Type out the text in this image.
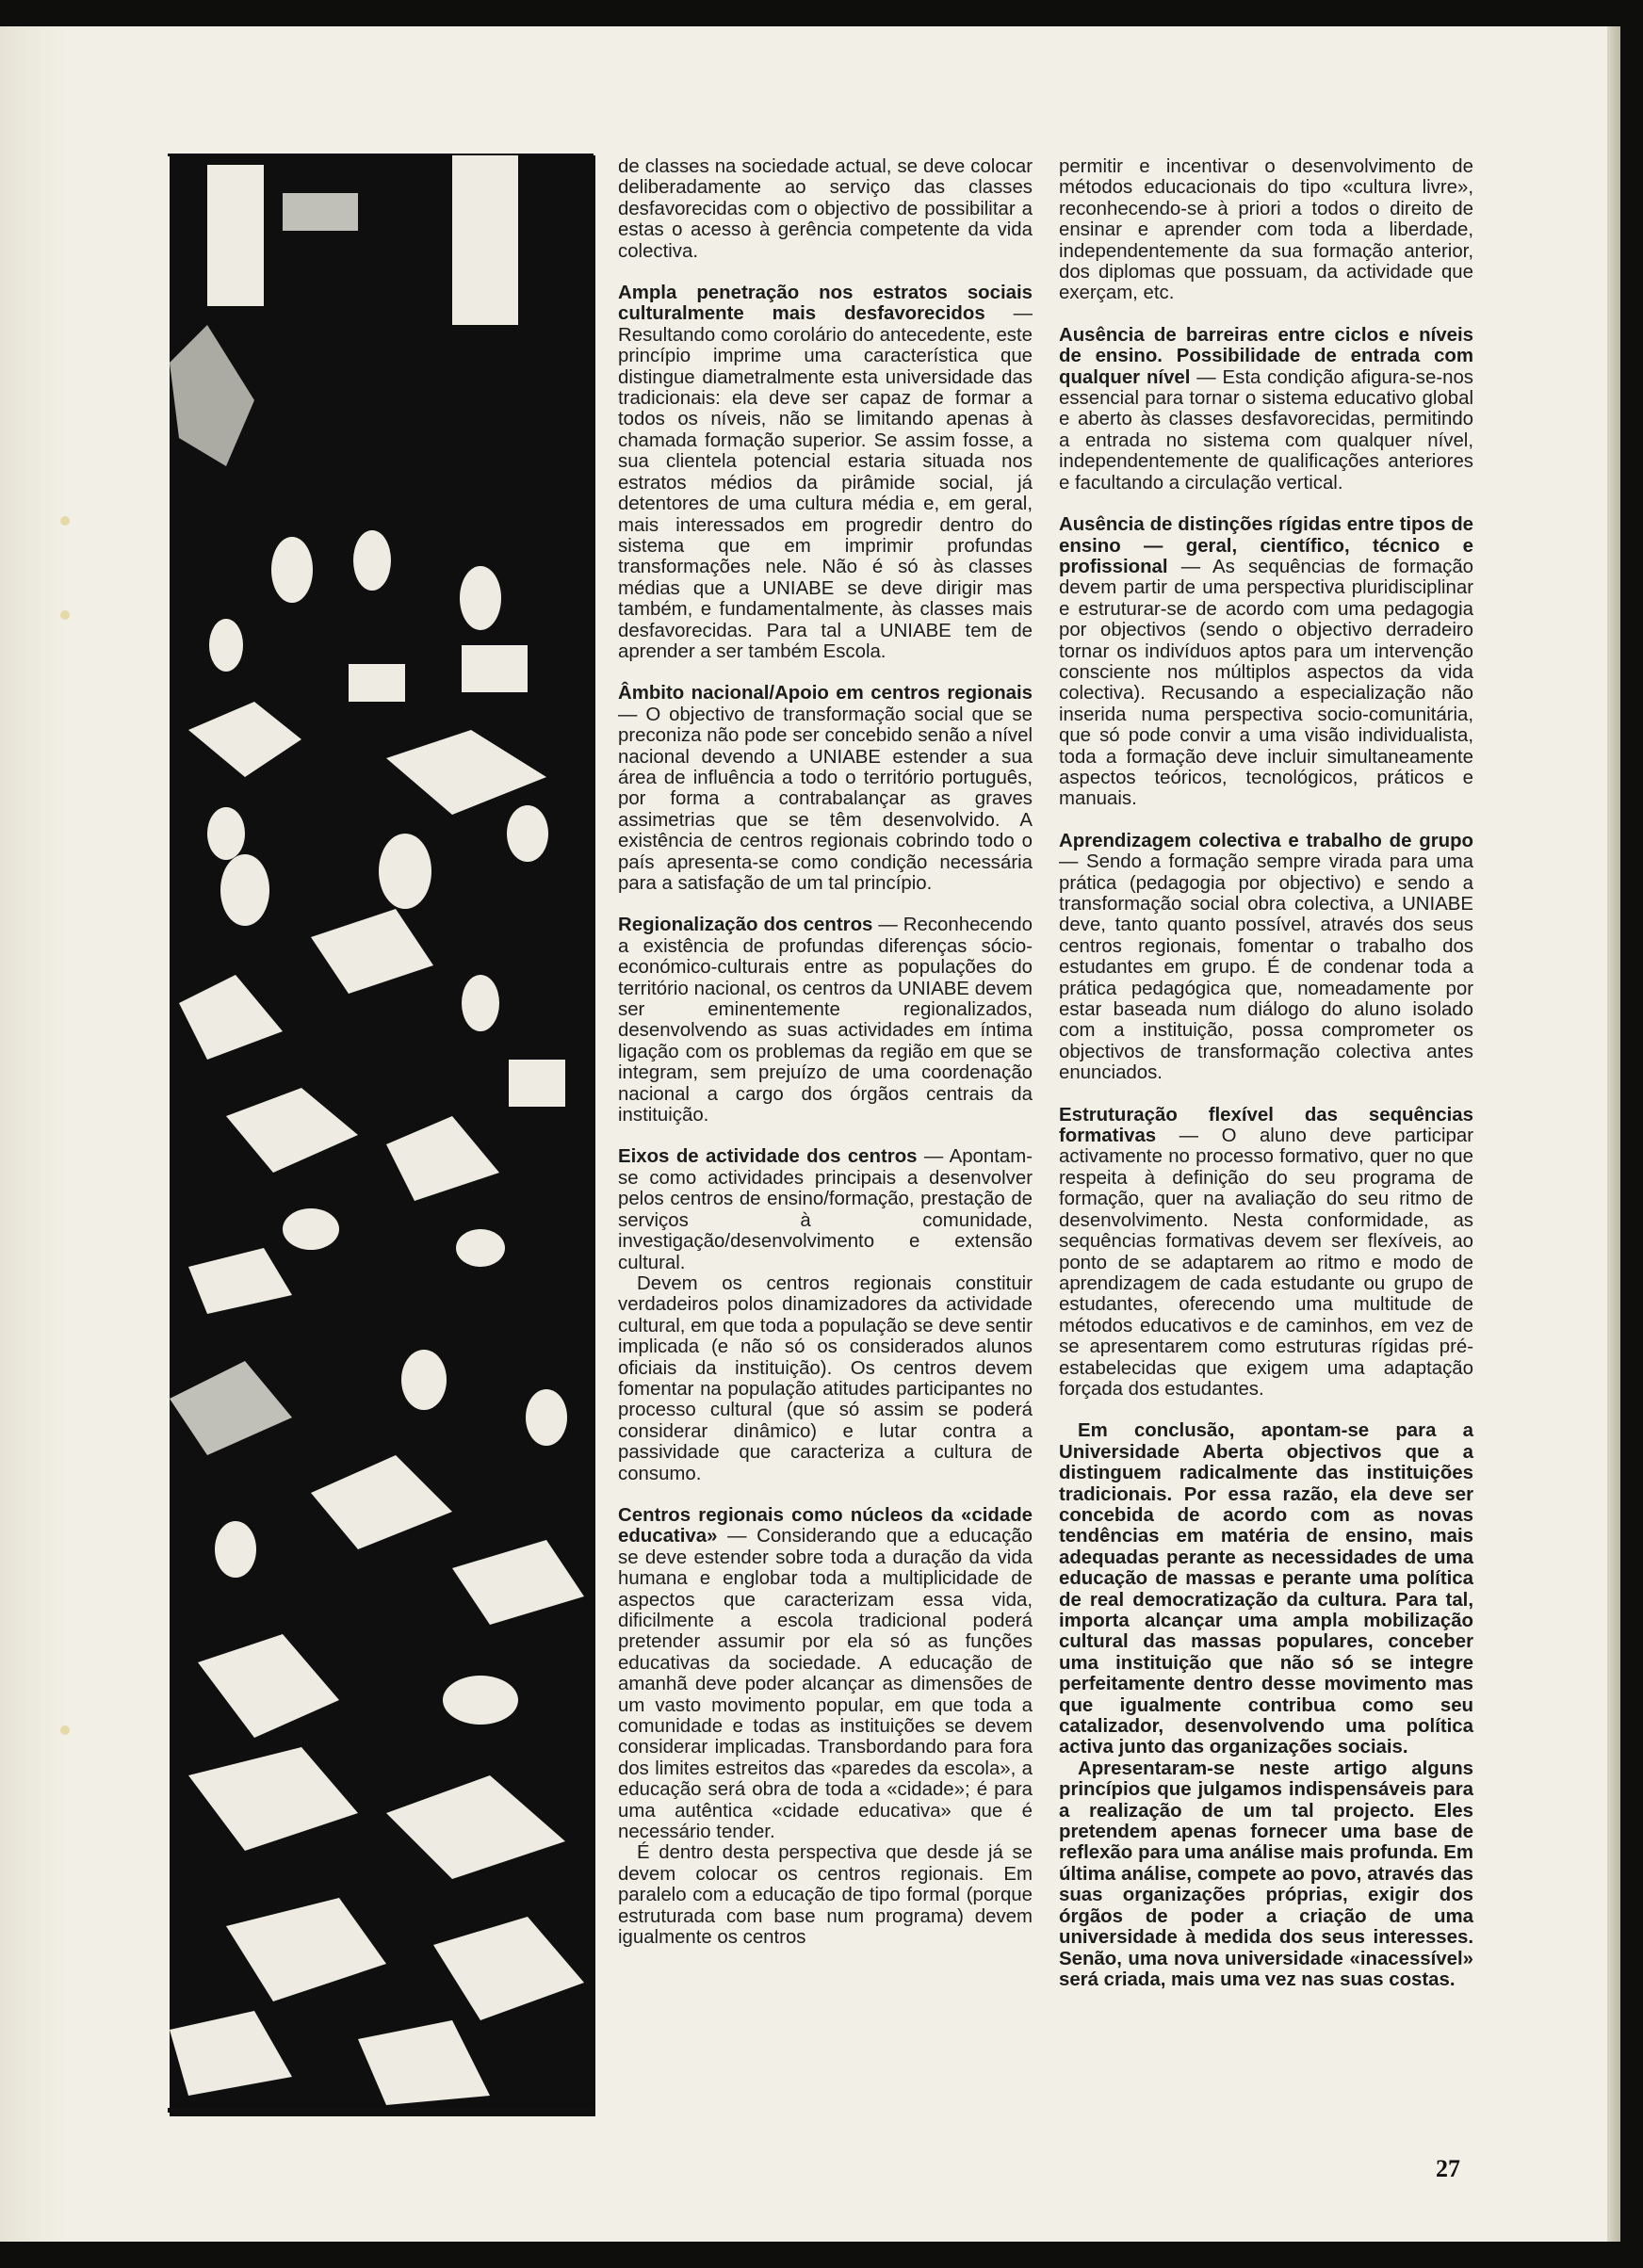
de classes na sociedade actual, se deve colocar deliberadamente ao serviço das classes desfavorecidas com o objectivo de possibilitar a estas o acesso à gerência competente da vida colectiva.

Ampla penetração nos estratos sociais culturalmente mais desfavorecidos — Resultando como corolário do antecedente, este princípio imprime uma característica que distingue diametralmente esta universidade das tradicionais: ela deve ser capaz de formar a todos os níveis, não se limitando apenas à chamada formação superior. Se assim fosse, a sua clientela potencial estaria situada nos estratos médios da pirâmide social, já detentores de uma cultura média e, em geral, mais interessados em progredir dentro do sistema que em imprimir profundas transformações nele. Não é só às classes médias que a UNIABE se deve dirigir mas também, e fundamentalmente, às classes mais desfavorecidas. Para tal a UNIABE tem de aprender a ser também Escola.

Âmbito nacional/Apoio em centros regionais — O objectivo de transformação social que se preconiza não pode ser concebido senão a nível nacional devendo a UNIABE estender a sua área de influência a todo o território português, por forma a contrabalançar as graves assimetrias que se têm desenvolvido. A existência de centros regionais cobrindo todo o país apresenta-se como condição necessária para a satisfação de um tal princípio.

Regionalização dos centros — Reconhecendo a existência de profundas diferenças sócio-económico-culturais entre as populações do território nacional, os centros da UNIABE devem ser eminentemente regionalizados, desenvolvendo as suas actividades em íntima ligação com os problemas da região em que se integram, sem prejuízo de uma coordenação nacional a cargo dos órgãos centrais da instituição.

Eixos de actividade dos centros — Apontam-se como actividades principais a desenvolver pelos centros de ensino/formação, prestação de serviços à comunidade, investigação/desenvolvimento e extensão cultural.

Devem os centros regionais constituir verdadeiros polos dinamizadores da actividade cultural, em que toda a população se deve sentir implicada (e não só os considerados alunos oficiais da instituição). Os centros devem fomentar na população atitudes participantes no processo cultural (que só assim se poderá considerar dinâmico) e lutar contra a passividade que caracteriza a cultura de consumo.

Centros regionais como núcleos da «cidade educativa» — Considerando que a educação se deve estender sobre toda a duração da vida humana e englobar toda a multiplicidade de aspectos que caracterizam essa vida, dificilmente a escola tradicional poderá pretender assumir por ela só as funções educativas da sociedade. A educação de amanhã deve poder alcançar as dimensões de um vasto movimento popular, em que toda a comunidade e todas as instituições se devem considerar implicadas. Transbordando para fora dos limites estreitos das «paredes da escola», a educação será obra de toda a «cidade»; é para uma autêntica «cidade educativa» que é necessário tender.

É dentro desta perspectiva que desde já se devem colocar os centros regionais. Em paralelo com a educação de tipo formal (porque estruturada com base num programa) devem igualmente os centros

permitir e incentivar o desenvolvimento de métodos educacionais do tipo «cultura livre», reconhecendo-se à priori a todos o direito de ensinar e aprender com toda a liberdade, independentemente da sua formação anterior, dos diplomas que possuam, da actividade que exerçam, etc.

Ausência de barreiras entre ciclos e níveis de ensino. Possibilidade de entrada com qualquer nível — Esta condição afigura-se-nos essencial para tornar o sistema educativo global e aberto às classes desfavorecidas, permitindo a entrada no sistema com qualquer nível, independentemente de qualificações anteriores e facultando a circulação vertical.

Ausência de distinções rígidas entre tipos de ensino — geral, científico, técnico e profissional — As sequências de formação devem partir de uma perspectiva pluridisciplinar e estruturar-se de acordo com uma pedagogia por objectivos (sendo o objectivo derradeiro tornar os indivíduos aptos para um intervenção consciente nos múltiplos aspectos da vida colectiva). Recusando a especialização não inserida numa perspectiva socio-comunitária, que só pode convir a uma visão individualista, toda a formação deve incluir simultaneamente aspectos teóricos, tecnológicos, práticos e manuais.

Aprendizagem colectiva e trabalho de grupo — Sendo a formação sempre virada para uma prática (pedagogia por objectivo) e sendo a transformação social obra colectiva, a UNIABE deve, tanto quanto possível, através dos seus centros regionais, fomentar o trabalho dos estudantes em grupo. É de condenar toda a prática pedagógica que, nomeadamente por estar baseada num diálogo do aluno isolado com a instituição, possa comprometer os objectivos de transformação colectiva antes enunciados.

Estruturação flexível das sequências formativas — O aluno deve participar activamente no processo formativo, quer no que respeita à definição do seu programa de formação, quer na avaliação do seu ritmo de desenvolvimento. Nesta conformidade, as sequências formativas devem ser flexíveis, ao ponto de se adaptarem ao ritmo e modo de aprendizagem de cada estudante ou grupo de estudantes, oferecendo uma multitude de métodos educativos e de caminhos, em vez de se apresentarem como estruturas rígidas pré-estabelecidas que exigem uma adaptação forçada dos estudantes.

Em conclusão, apontam-se para a Universidade Aberta objectivos que a distinguem radicalmente das instituições tradicionais. Por essa razão, ela deve ser concebida de acordo com as novas tendências em matéria de ensino, mais adequadas perante as necessidades de uma educação de massas e perante uma política de real democratização da cultura. Para tal, importa alcançar uma ampla mobilização cultural das massas populares, conceber uma instituição que não só se integre perfeitamente dentro desse movimento mas que igualmente contribua como seu catalizador, desenvolvendo uma política activa junto das organizações sociais.

Apresentaram-se neste artigo alguns princípios que julgamos indispensáveis para a realização de um tal projecto. Eles pretendem apenas fornecer uma base de reflexão para uma análise mais profunda. Em última análise, compete ao povo, através das suas organizações próprias, exigir dos órgãos de poder a criação de uma universidade à medida dos seus interesses. Senão, uma nova universidade «inacessível» será criada, mais uma vez nas suas costas.

27
